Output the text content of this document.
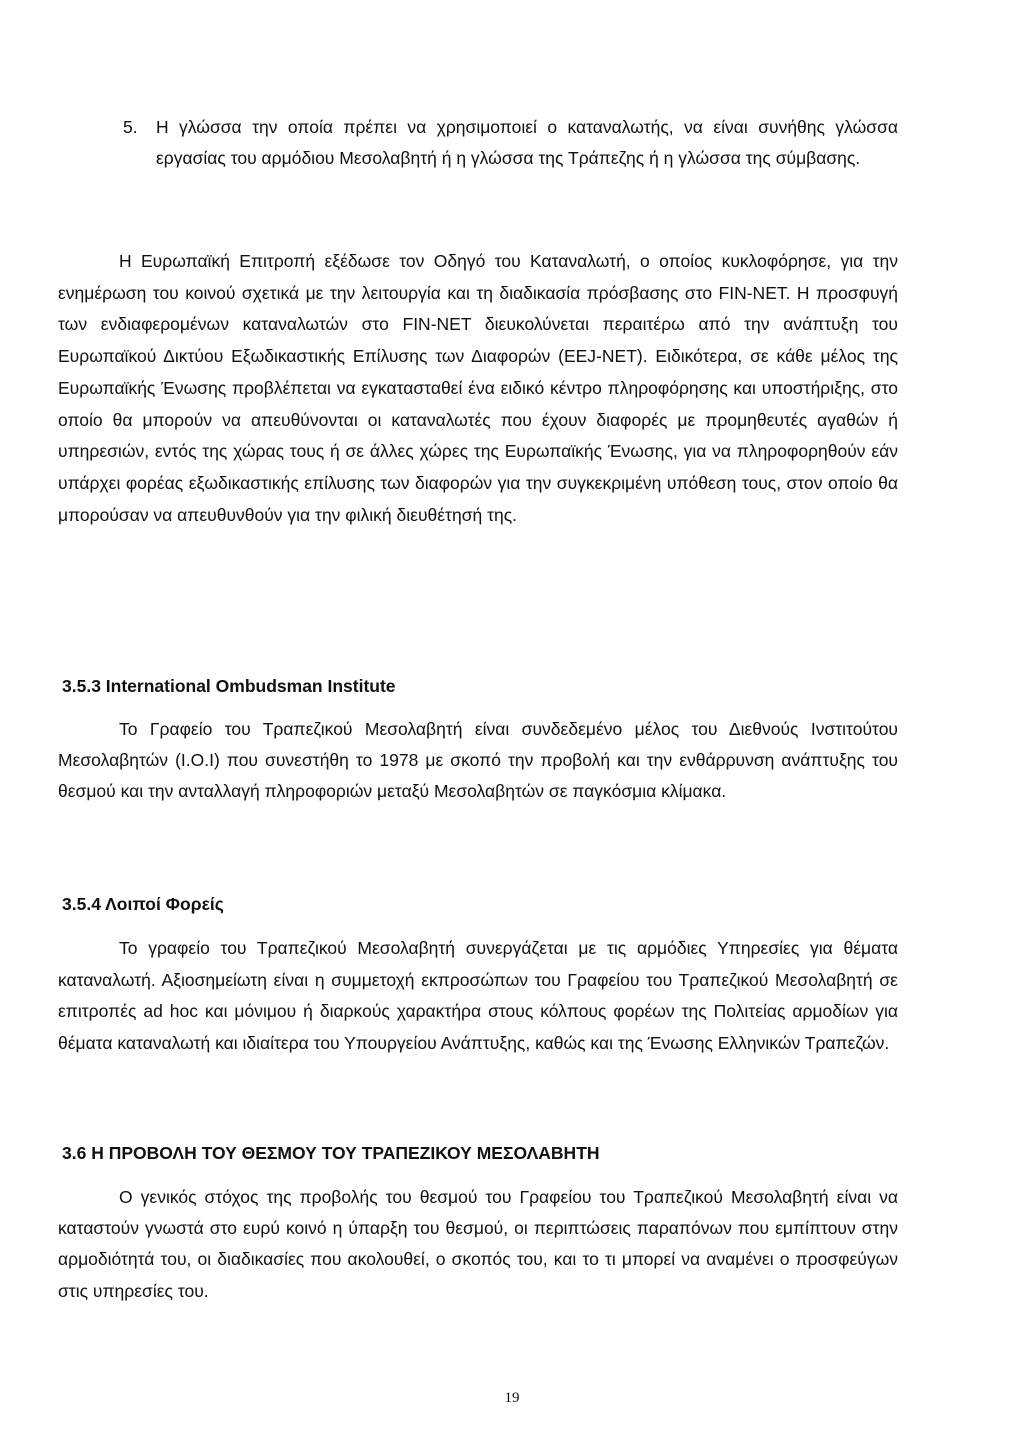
5. Η γλώσσα την οποία πρέπει να χρησιμοποιεί ο καταναλωτής, να είναι συνήθης γλώσσα εργασίας του αρμόδιου Μεσολαβητή ή η γλώσσα της Τράπεζης ή η γλώσσα της σύμβασης.

Η Ευρωπαϊκή Επιτροπή εξέδωσε τον Οδηγό του Καταναλωτή, ο οποίος κυκλοφόρησε, για την ενημέρωση του κοινού σχετικά με την λειτουργία και τη διαδικασία πρόσβασης στο FIN-NET. Η προσφυγή των ενδιαφερομένων καταναλωτών στο FIN-NET διευκολύνεται περαιτέρω από την ανάπτυξη του Ευρωπαϊκού Δικτύου Εξωδικαστικής Επίλυσης των Διαφορών (EEJ-NET). Ειδικότερα, σε κάθε μέλος της Ευρωπαϊκής Ένωσης προβλέπεται να εγκατασταθεί ένα ειδικό κέντρο πληροφόρησης και υποστήριξης, στο οποίο θα μπορούν να απευθύνονται οι καταναλωτές που έχουν διαφορές με προμηθευτές αγαθών ή υπηρεσιών, εντός της χώρας τους ή σε άλλες χώρες της Ευρωπαϊκής Ένωσης, για να πληροφορηθούν εάν υπάρχει φορέας εξωδικαστικής επίλυσης των διαφορών για την συγκεκριμένη υπόθεση τους, στον οποίο θα μπορούσαν να απευθυνθούν για την φιλική διευθέτησή της.

3.5.3 International Ombudsman Institute

Το Γραφείο του Τραπεζικού Μεσολαβητή είναι συνδεδεμένο μέλος του Διεθνούς Ινστιτούτου Μεσολαβητών (I.O.I) που συνεστήθη το 1978 με σκοπό την προβολή και την ενθάρρυνση ανάπτυξης του θεσμού και την ανταλλαγή πληροφοριών μεταξύ Μεσολαβητών σε παγκόσμια κλίμακα.

3.5.4 Λοιποί Φορείς

Το γραφείο του Τραπεζικού Μεσολαβητή συνεργάζεται με τις αρμόδιες Υπηρεσίες για θέματα καταναλωτή. Αξιοσημείωτη είναι η συμμετοχή εκπροσώπων του Γραφείου του Τραπεζικού Μεσολαβητή σε επιτροπές ad hoc και μόνιμου ή διαρκούς χαρακτήρα στους κόλπους φορέων της Πολιτείας αρμοδίων για θέματα καταναλωτή και ιδιαίτερα του Υπουργείου Ανάπτυξης, καθώς και της Ένωσης Ελληνικών Τραπεζών.

3.6 Η ΠΡΟΒΟΛΗ ΤΟΥ ΘΕΣΜΟΥ ΤΟΥ ΤΡΑΠΕΖΙΚΟΥ ΜΕΣΟΛΑΒΗΤΗ

Ο γενικός στόχος της προβολής του θεσμού του Γραφείου του Τραπεζικού Μεσολαβητή είναι να καταστούν γνωστά στο ευρύ κοινό η ύπαρξη του θεσμού, οι περιπτώσεις παραπόνων που εμπίπτουν στην αρμοδιότητά του, οι διαδικασίες που ακολουθεί, ο σκοπός του, και το τι μπορεί να αναμένει ο προσφεύγων στις υπηρεσίες του.

19
